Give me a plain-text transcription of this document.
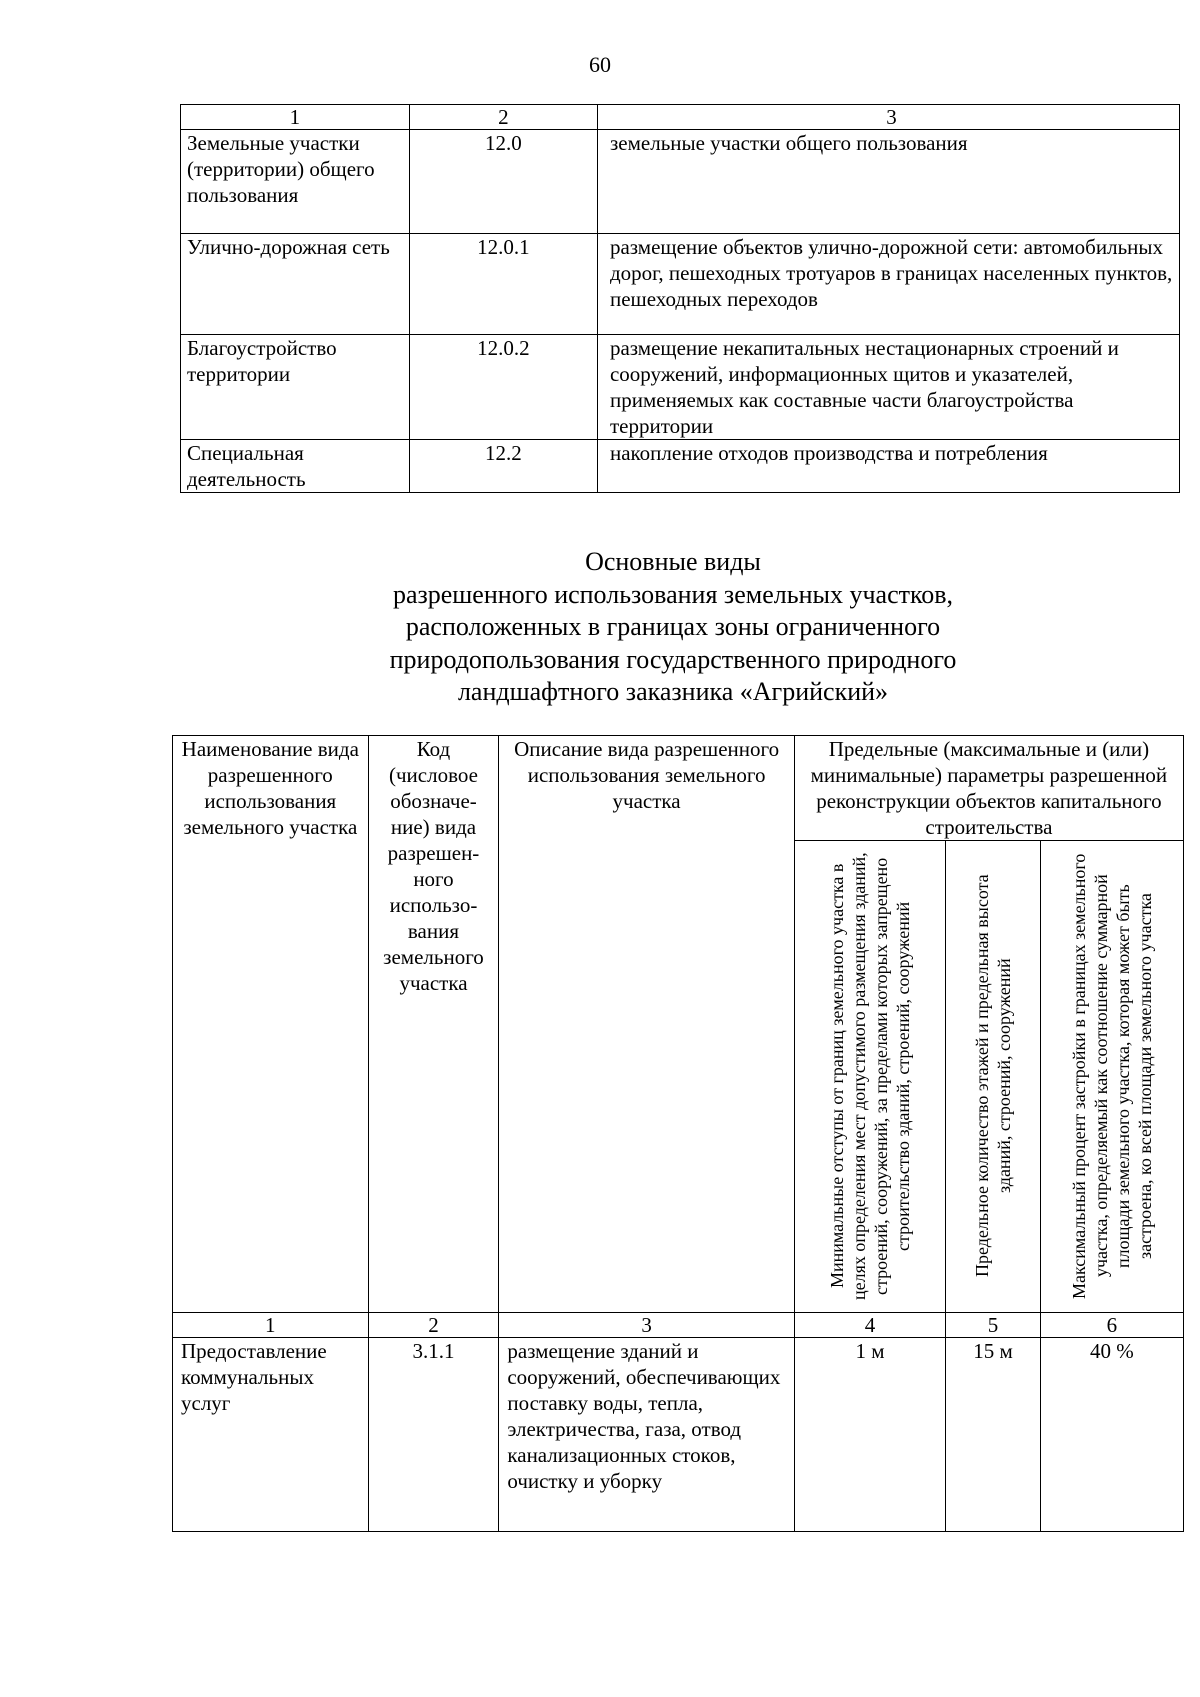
60
1	2	3
Земельные участки (территории) общего пользования	12.0	земельные участки общего пользования
Улично-дорожная сеть	12.0.1	размещение объектов улично-дорожной сети: автомобильных дорог, пешеходных тротуаров в границах населенных пунктов, пешеходных переходов
Благоустройство территории	12.0.2	размещение некапитальных нестационарных строений и сооружений, информационных щитов и указателей, применяемых как составные части благоустройства территории
Специальная деятельность	12.2	накопление отходов производства и потребления
Основные виды
разрешенного использования земельных участков,
расположенных в границах зоны ограниченного
природопользования государственного природного
ландшафтного заказника «Агрийский»
Наименование вида разрешенного использования земельного участка	Код (числовое обозначе-ние) вида разрешен-ного использо-вания земельного участка	Описание вида разрешенного использования земельного участка	Предельные (максимальные и (или) минимальные) параметры разрешенной реконструкции объектов капитального строительства		
			Минимальные отступы от границ земельного участка в целях определения мест допустимого размещения зданий, строений, сооружений, за пределами которых запрещено строительство зданий, строений, сооружений	Предельное количество этажей и предельная высота зданий, строений, сооружений	Максимальный процент застройки в границах земельного участка, определяемый как соотношение суммарной площади земельного участка, которая может быть застроена, ко всей площади земельного участка
1	2	3	4	5	6
Предоставление коммунальных услуг	3.1.1	размещение зданий и сооружений, обеспечивающих поставку воды, тепла, электричества, газа, отвод канализационных стоков, очистку и уборку	1 м	15 м	40 %
